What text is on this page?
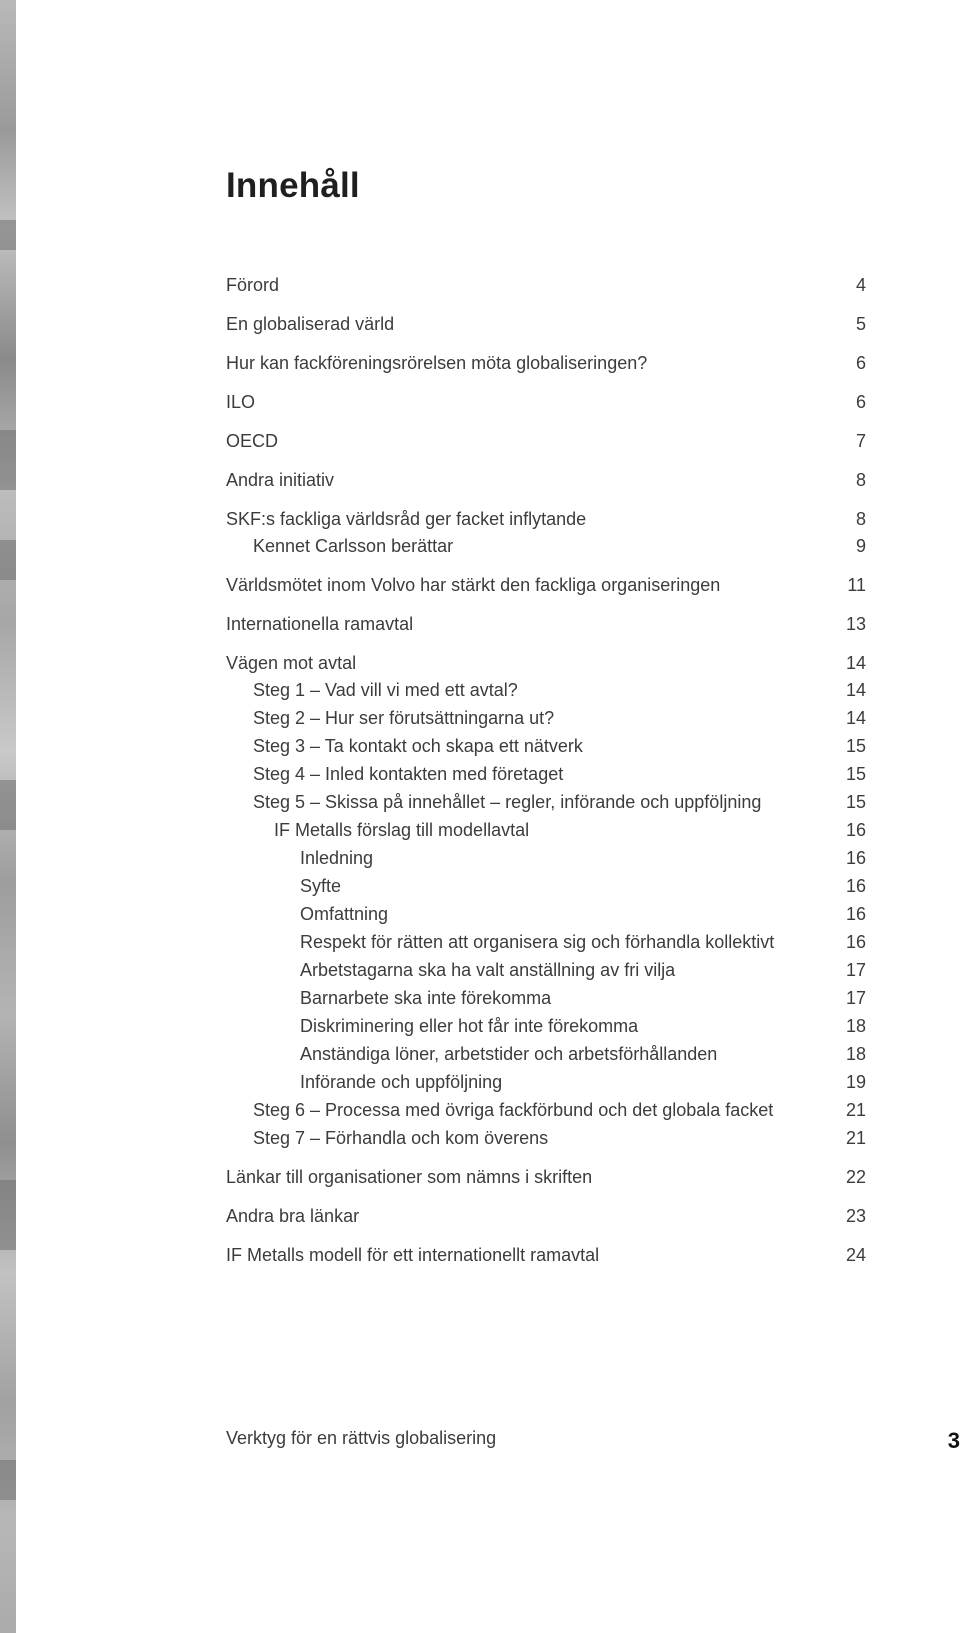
Innehåll
Förord	4
En globaliserad värld	5
Hur kan fackföreningsrörelsen möta globaliseringen?	6
ILO	6
OECD	7
Andra initiativ	8
SKF:s fackliga världsråd ger facket inflytande	8
Kennet Carlsson berättar	9
Världsmötet inom Volvo har stärkt den fackliga organiseringen	11
Internationella ramavtal	13
Vägen mot avtal	14
Steg 1 – Vad vill vi med ett avtal?	14
Steg 2 – Hur ser förutsättningarna ut?	14
Steg 3 – Ta kontakt och skapa ett nätverk	15
Steg 4 – Inled kontakten med företaget	15
Steg 5 – Skissa på innehållet – regler, införande och uppföljning	15
IF Metalls förslag till modellavtal	16
Inledning	16
Syfte	16
Omfattning	16
Respekt för rätten att organisera sig och förhandla kollektivt	16
Arbetstagarna ska ha valt anställning av fri vilja	17
Barnarbete ska inte förekomma	17
Diskriminering eller hot får inte förekomma	18
Anständiga löner, arbetstider och arbetsförhållanden	18
Införande och uppföljning	19
Steg 6 – Processa med övriga fackförbund och det globala facket	21
Steg 7 – Förhandla och kom överens	21
Länkar till organisationer som nämns i skriften	22
Andra bra länkar	23
IF Metalls modell för ett internationellt ramavtal	24
Verktyg för en rättvis globalisering	3
